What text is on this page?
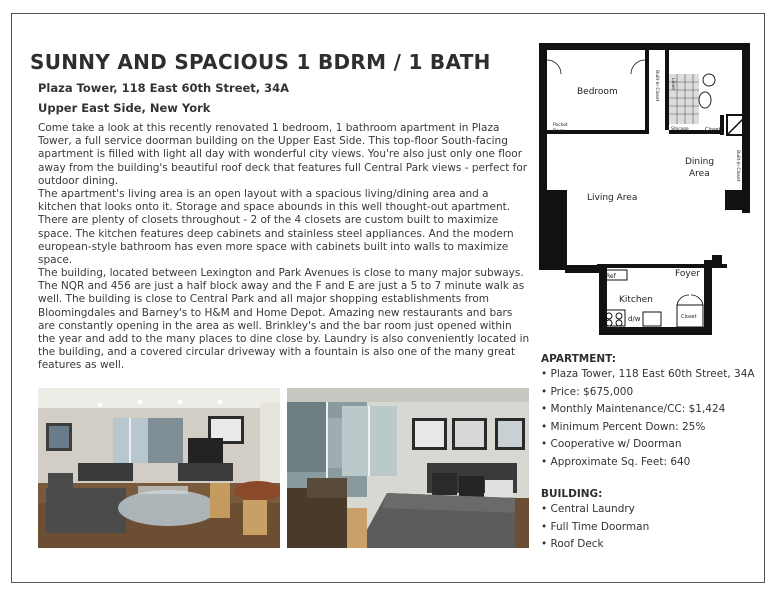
SUNNY AND SPACIOUS 1 BDRM / 1 BATH
Plaza Tower, 118 East 60th Street, 34A
Upper East Side, New York

Come take a look at this recently renovated 1 bedroom, 1 bathroom apartment in Plaza Tower, a full service doorman building on the Upper East Side. This top-floor South-facing apartment is filled with light all day with wonderful city views. You're also just only one floor away from the building's beautiful roof deck that features full Central Park views - perfect for outdoor dining.

The apartment's living area is an open layout with a spacious living/dining area and a kitchen that looks onto it. Storage and space abounds in this well thought-out apartment. There are plenty of closets throughout - 2 of the 4 closets are custom built to maximize space. The kitchen features deep cabinets and stainless steel appliances. And the modern european-style bathroom has even more space with cabinets built into walls to maximize space.

The building, located between Lexington and Park Avenues is close to many major subways. The NQR and 456 are just a half block away and the F and E are just a 5 to 7 minute walk as well. The building is close to Central Park and all major shopping establishments from Bloomingdales and Barney's to H&M and Home Depot. Amazing new restaurants and bars are constantly opening in the area as well. Brinkley's and the bar room just opened within the year and add to the many places to dine close by. Laundry is also conveniently located in the building, and a covered circular driveway with a fountain is also one of the many great features as well.

Bedroom
Living Area
Dining
Area
Foyer
Kitchen
Closet
Closet
Pocket
Door	Storage
Ref
d/w
Built-in Closet
Built-in Closet
Linen
APARTMENT:
• Plaza Tower, 118 East 60th Street, 34A
• Price: $675,000
• Monthly Maintenance/CC: $1,424
• Minimum Percent Down: 25%
• Cooperative w/ Doorman
• Approximate Sq. Feet: 640
BUILDING:
• Central Laundry
• Full Time Doorman
• Roof Deck
